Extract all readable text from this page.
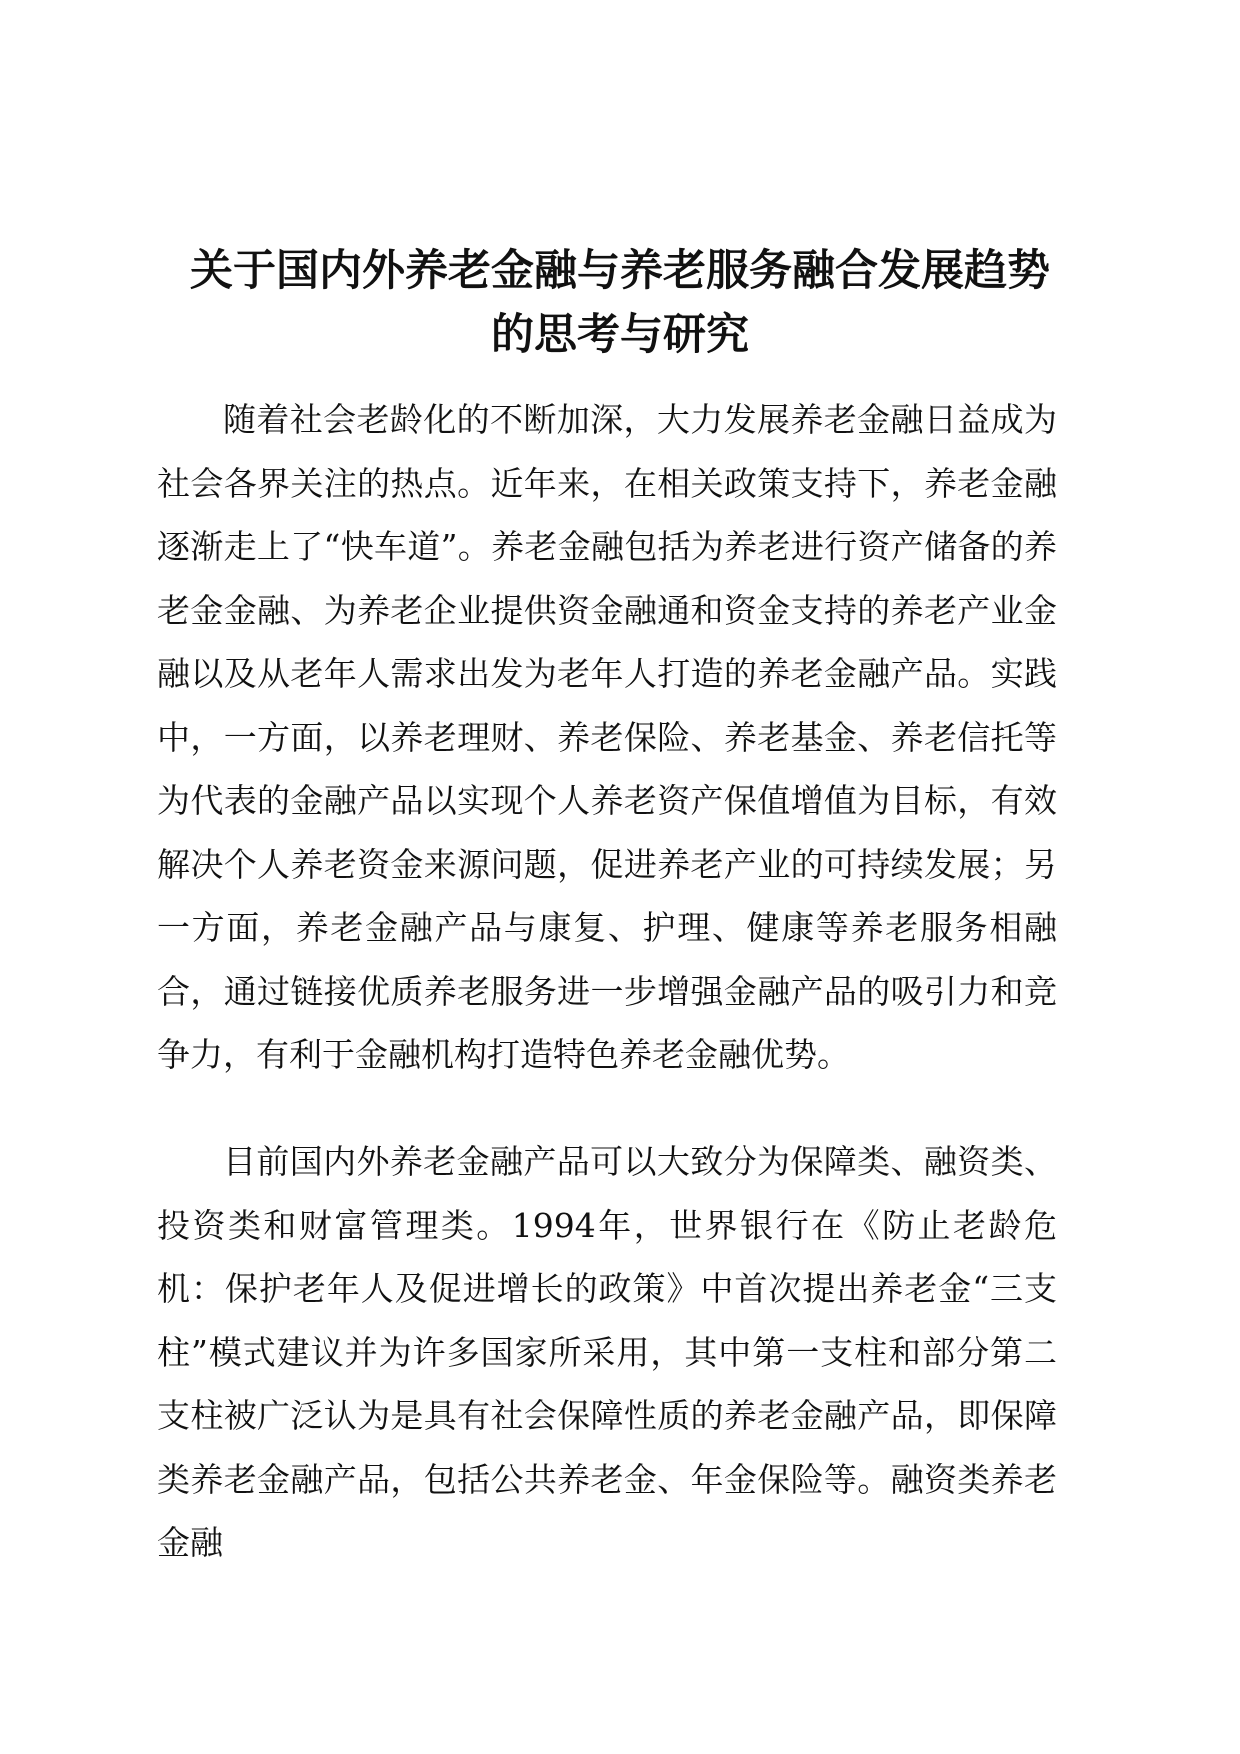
关于国内外养老金融与养老服务融合发展趋势
的思考与研究

随着社会老龄化的不断加深，大力发展养老金融日益成为社会各界关注的热点。近年来，在相关政策支持下，养老金融逐渐走上了“快车道”。养老金融包括为养老进行资产储备的养老金金融、为养老企业提供资金融通和资金支持的养老产业金融以及从老年人需求出发为老年人打造的养老金融产品。实践中，一方面，以养老理财、养老保险、养老基金、养老信托等为代表的金融产品以实现个人养老资产保值增值为目标，有效解决个人养老资金来源问题，促进养老产业的可持续发展；另一方面，养老金融产品与康复、护理、健康等养老服务相融合，通过链接优质养老服务进一步增强金融产品的吸引力和竞争力，有利于金融机构打造特色养老金融优势。

目前国内外养老金融产品可以大致分为保障类、融资类、投资类和财富管理类。1994年，世界银行在《防止老龄危机：保护老年人及促进增长的政策》中首次提出养老金“三支柱”模式建议并为许多国家所采用，其中第一支柱和部分第二支柱被广泛认为是具有社会保障性质的养老金融产品，即保障类养老金融产品，包括公共养老金、年金保险等。融资类养老金融
